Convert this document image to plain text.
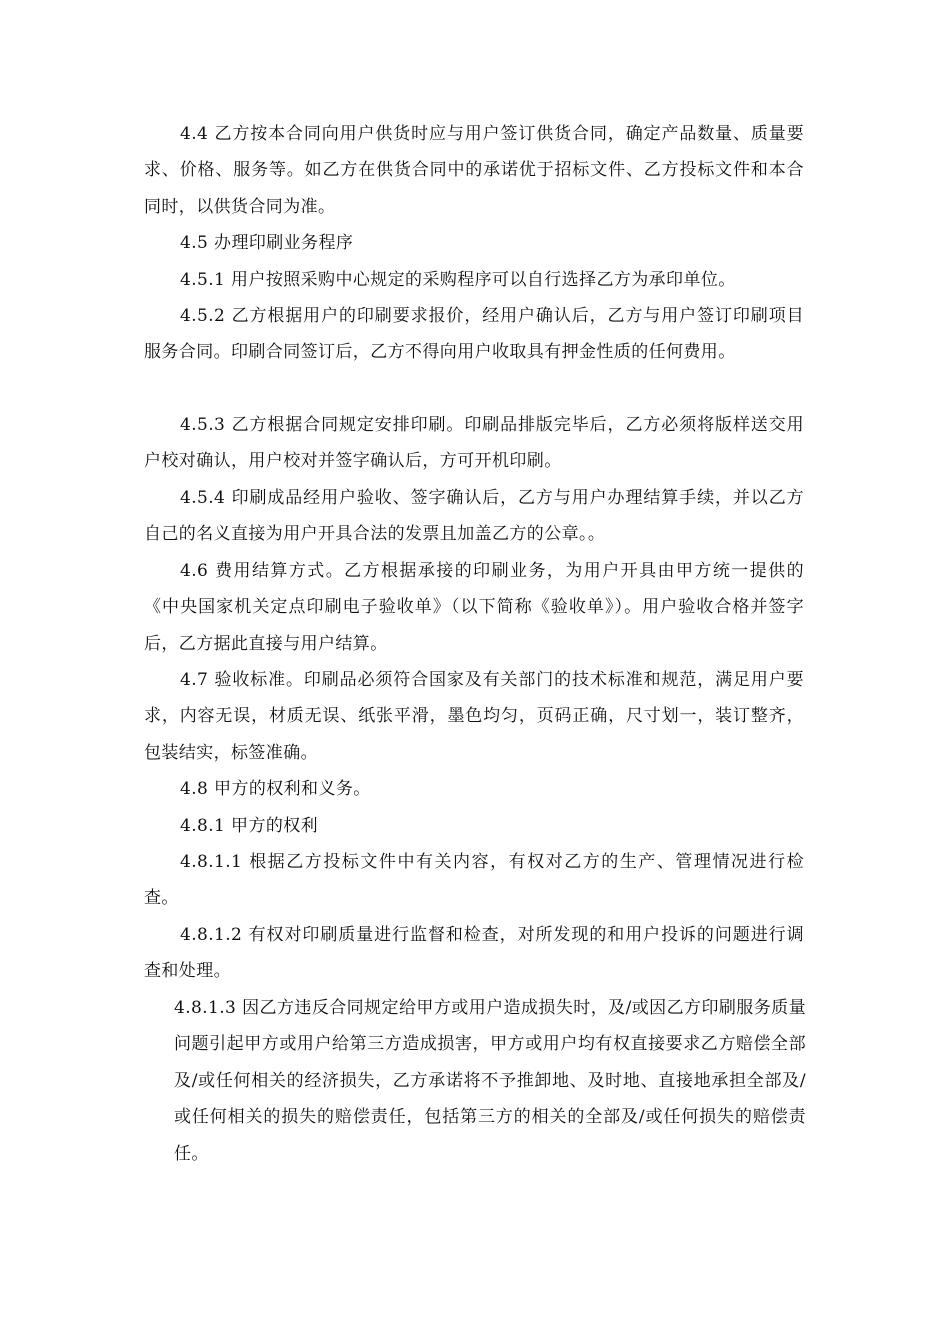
4.4 乙方按本合同向用户供货时应与用户签订供货合同，确定产品数量、质量要求、价格、服务等。如乙方在供货合同中的承诺优于招标文件、乙方投标文件和本合同时，以供货合同为准。

4.5 办理印刷业务程序

4.5.1 用户按照采购中心规定的采购程序可以自行选择乙方为承印单位。

4.5.2 乙方根据用户的印刷要求报价，经用户确认后，乙方与用户签订印刷项目服务合同。印刷合同签订后，乙方不得向用户收取具有押金性质的任何费用。

4.5.3 乙方根据合同规定安排印刷。印刷品排版完毕后，乙方必须将版样送交用户校对确认，用户校对并签字确认后，方可开机印刷。

4.5.4 印刷成品经用户验收、签字确认后，乙方与用户办理结算手续，并以乙方自己的名义直接为用户开具合法的发票且加盖乙方的公章。。

4.6 费用结算方式。乙方根据承接的印刷业务，为用户开具由甲方统一提供的《中央国家机关定点印刷电子验收单》（以下简称《验收单》）。用户验收合格并签字后，乙方据此直接与用户结算。

4.7 验收标准。印刷品必须符合国家及有关部门的技术标准和规范，满足用户要求，内容无误，材质无误、纸张平滑，墨色均匀，页码正确，尺寸划一，装订整齐，包装结实，标签准确。

4.8 甲方的权利和义务。

4.8.1 甲方的权利

4.8.1.1 根据乙方投标文件中有关内容，有权对乙方的生产、管理情况进行检查。

4.8.1.2 有权对印刷质量进行监督和检查，对所发现的和用户投诉的问题进行调查和处理。

4.8.1.3 因乙方违反合同规定给甲方或用户造成损失时，及/或因乙方印刷服务质量问题引起甲方或用户给第三方造成损害，甲方或用户均有权直接要求乙方赔偿全部及/或任何相关的经济损失，乙方承诺将不予推卸地、及时地、直接地承担全部及/或任何相关的损失的赔偿责任，包括第三方的相关的全部及/或任何损失的赔偿责任。
